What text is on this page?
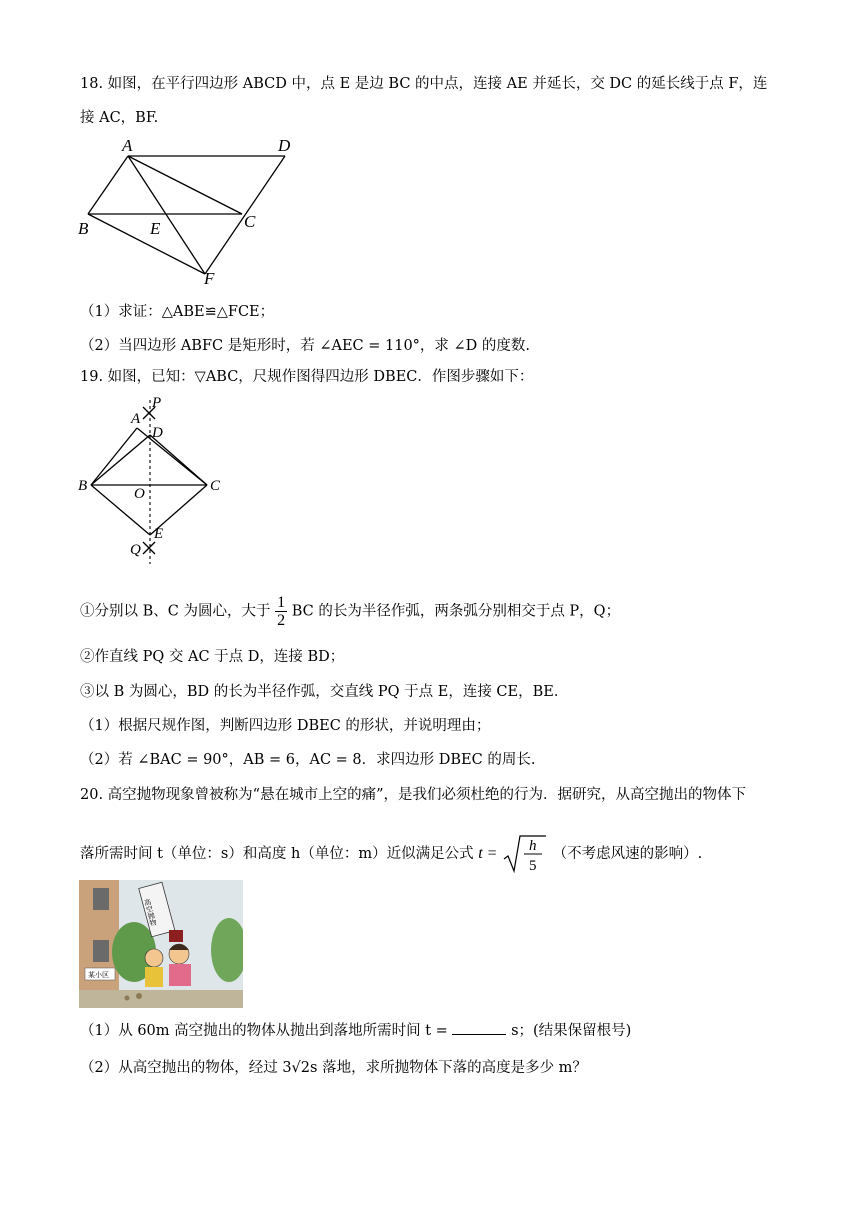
18. 如图，在平行四边形 ABCD 中，点 E 是边 BC 的中点，连接 AE 并延长，交 DC 的延长线于点 F，连
接 AC，BF.
A	D
B	E	C
F
（1）求证：△ABE≌△FCE；
（2）当四边形 ABFC 是矩形时，若 ∠AEC = 110°，求 ∠D 的度数.
19. 如图，已知：▽ABC，尺规作图得四边形 DBEC．作图步骤如下：
P
A
D
B	O	C
E
Q
①分别以 B、C 为圆心，大于 $\frac{1}{2}$ BC 的长为半径作弧，两条弧分别相交于点 P，Q；
②作直线 PQ 交 AC 于点 D，连接 BD；
③以 B 为圆心，BD 的长为半径作弧，交直线 PQ 于点 E，连接 CE，BE．
（1）根据尺规作图，判断四边形 DBEC 的形状，并说明理由；
（2）若 ∠BAC = 90°，AB = 6，AC = 8．求四边形 DBEC 的周长.
20. 高空抛物现象曾被称为“悬在城市上空的痛”，是我们必须杜绝的行为．据研究，从高空抛出的物体下
落所需时间 t（单位：s）和高度 h（单位：m）近似满足公式 t = h
5
（不考虑风速的影响）.
某小区
高空抛物
（1）从 60m 高空抛出的物体从抛出到落地所需时间 t =	s；(结果保留根号)
（2）从高空抛出的物体，经过 3√2s 落地，求所抛物体下落的高度是多少 m？
